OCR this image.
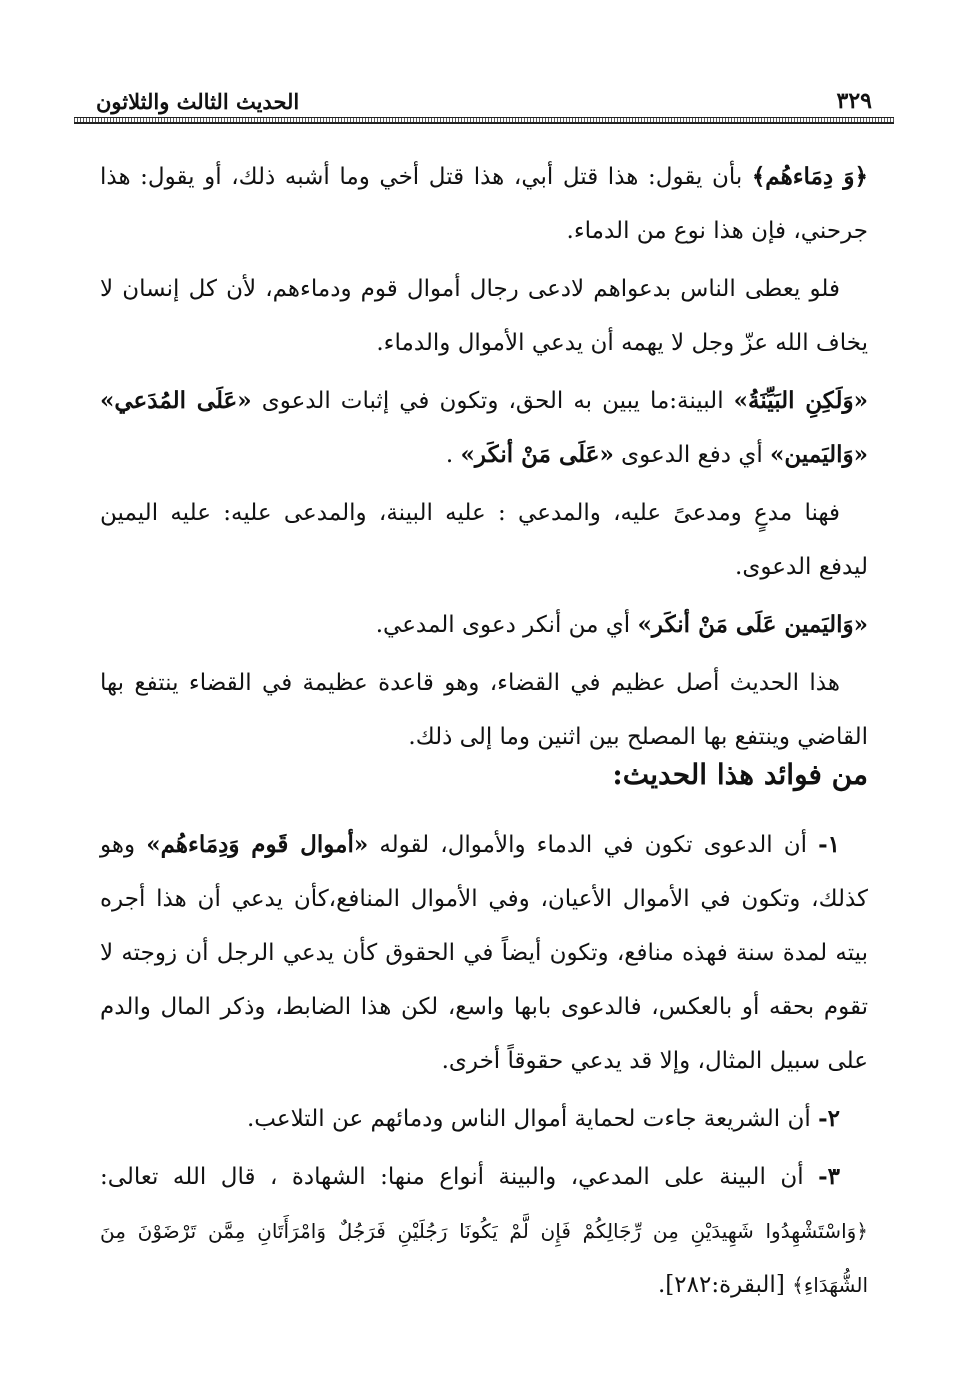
٣٢٩
الحديث الثالث والثلاثون

﴿وَ دِمَاءهُم﴾ بأن يقول: هذا قتل أبي، هذا قتل أخي وما أشبه ذلك، أو يقول: هذا جرحني، فإن هذا نوع من الدماء.

فلو يعطى الناس بدعواهم لادعى رجال أموال قوم ودماءهم، لأن كل إنسان لا يخاف الله عزّ وجل لا يهمه أن يدعي الأموال والدماء.

«وَلَكِنِ البَيِّنَةُ» البينة:ما يبين به الحق، وتكون في إثبات الدعوى «عَلَى المُدَعي» «وَاليَمين» أي دفع الدعوى «عَلَى مَنْ أنكَر» .

فهنا مدعٍ ومدعىً عليه، والمدعي : عليه البينة، والمدعى عليه: عليه اليمين ليدفع الدعوى.

«وَاليَمين عَلَى مَنْ أنكَر» أي من أنكر دعوى المدعي.

هذا الحديث أصل عظيم في القضاء، وهو قاعدة عظيمة في القضاء ينتفع بها القاضي وينتفع بها المصلح بين اثنين وما إلى ذلك.

من فوائد هذا الحديث:

١- أن الدعوى تكون في الدماء والأموال، لقوله «أموال قَوم وَدِمَاءهُم» وهو كذلك، وتكون في الأموال الأعيان، وفي الأموال المنافع،كأن يدعي أن هذا أجره بيته لمدة سنة فهذه منافع، وتكون أيضاً في الحقوق كأن يدعي الرجل أن زوجته لا تقوم بحقه أو بالعكس، فالدعوى بابها واسع، لكن هذا الضابط، وذكر المال والدم على سبيل المثال، وإلا قد يدعي حقوقاً أخرى.

٢- أن الشريعة جاءت لحماية أموال الناس ودمائهم عن التلاعب.

٣- أن البينة على المدعي، والبينة أنواع منها: الشهادة ، قال الله تعالى: ﴿وَاسْتَشْهِدُوا شَهِيدَيْنِ مِن رِّجَالِكُمْ فَإِن لَّمْ يَكُونَا رَجُلَيْنِ فَرَجُلٌ وَامْرَأَتَانِ مِمَّن تَرْضَوْنَ مِنَ الشُّهَدَاءِ﴾ [البقرة:٢٨٢].
